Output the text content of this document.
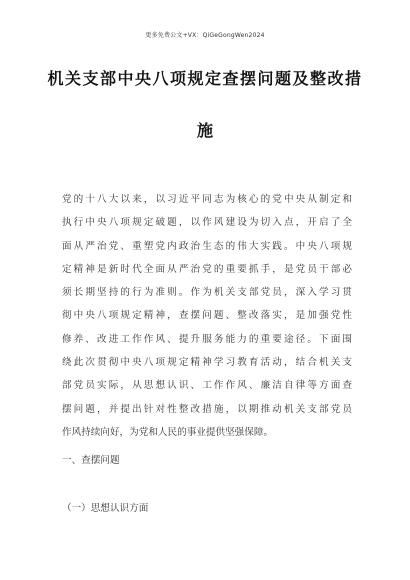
更多免费公文+VX：QiGeGongWen2024
机关支部中央八项规定查摆问题及整改措
施
党的十八大以来，以习近平同志为核心的党中央从制定和
执行中央八项规定破题，以作风建设为切入点，开启了全
面从严治党、重塑党内政治生态的伟大实践。中央八项规
定精神是新时代全面从严治党的重要抓手，是党员干部必
须长期坚持的行为准则。作为机关支部党员，深入学习贯
彻中央八项规定精神，查摆问题、整改落实，是加强党性
修养、改进工作作风、提升服务能力的重要途径。下面围
绕此次贯彻中央八项规定精神学习教育活动，结合机关支
部党员实际，从思想认识、工作作风、廉洁自律等方面查
摆问题，并提出针对性整改措施，以期推动机关支部党员
作风持续向好，为党和人民的事业提供坚强保障。
一、查摆问题
（一）思想认识方面
